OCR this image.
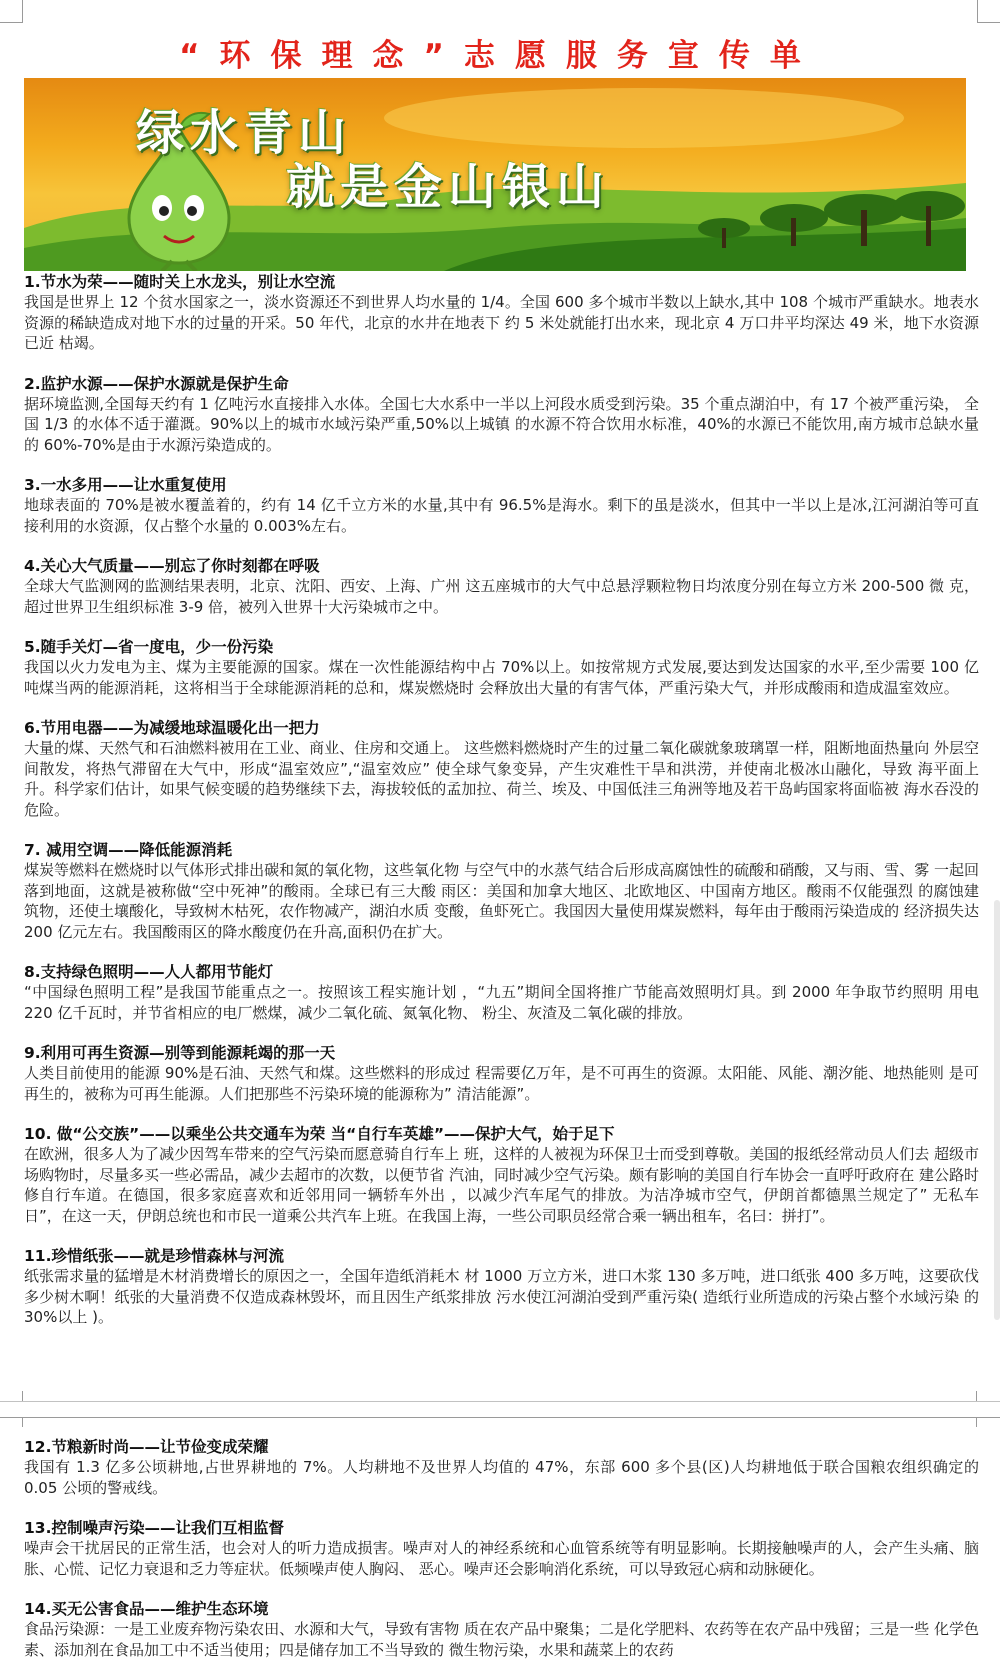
“环保理念”志愿服务宣传单

绿水青山

就是金山银山

1.节水为荣——随时关上水龙头，别让水空流

我国是世界上 12 个贫水国家之一，淡水资源还不到世界人均水量的 1/4。全国 600 多个城市半数以上缺水,其中 108 个城市严重缺水。地表水 资源的稀缺造成对地下水的过量的开采。50 年代，北京的水井在地表下 约 5 米处就能打出水来，现北京 4 万口井平均深达 49 米，地下水资源已近 枯竭。

2.监护水源——保护水源就是保护生命

据环境监测,全国每天约有 1 亿吨污水直接排入水体。全国七大水系中一半以上河段水质受到污染。35 个重点湖泊中，有 17 个被严重污染， 全国 1/3 的水体不适于灌溉。90%以上的城市水域污染严重,50%以上城镇 的水源不符合饮用水标准，40%的水源已不能饮用,南方城市总缺水量的 60%-70%是由于水源污染造成的。

3.一水多用——让水重复使用

地球表面的 70%是被水覆盖着的，约有 14 亿千立方米的水量,其中有 96.5%是海水。剩下的虽是淡水，但其中一半以上是冰,江河湖泊等可直 接利用的水资源，仅占整个水量的 0.003%左右。

4.关心大气质量——别忘了你时刻都在呼吸

全球大气监测网的监测结果表明，北京、沈阳、西安、上海、广州 这五座城市的大气中总悬浮颗粒物日均浓度分别在每立方米 200-500 微 克，超过世界卫生组织标准 3-9 倍，被列入世界十大污染城市之中。

5.随手关灯—省一度电，少一份污染

我国以火力发电为主、煤为主要能源的国家。煤在一次性能源结构中占 70%以上。如按常规方式发展,要达到发达国家的水平,至少需要 100 亿吨煤当两的能源消耗，这将相当于全球能源消耗的总和，煤炭燃烧时 会释放出大量的有害气体，严重污染大气，并形成酸雨和造成温室效应。

6.节用电器——为减缓地球温暖化出一把力

大量的煤、天然气和石油燃料被用在工业、商业、住房和交通上。 这些燃料燃烧时产生的过量二氧化碳就象玻璃罩一样，阻断地面热量向 外层空间散发，将热气滞留在大气中，形成“温室效应”,“温室效应” 使全球气象变异，产生灾难性干旱和洪涝，并使南北极冰山融化，导致 海平面上升。科学家们估计，如果气候变暖的趋势继续下去，海拔较低的孟加拉、荷兰、埃及、中国低洼三角洲等地及若干岛屿国家将面临被 海水吞没的危险。

7. 减用空调——降低能源消耗

煤炭等燃料在燃烧时以气体形式排出碳和氮的氧化物，这些氧化物 与空气中的水蒸气结合后形成高腐蚀性的硫酸和硝酸，又与雨、雪、雾 一起回落到地面，这就是被称做“空中死神”的酸雨。全球已有三大酸 雨区：美国和加拿大地区、北欧地区、中国南方地区。酸雨不仅能强烈 的腐蚀建筑物，还使土壤酸化，导致树木枯死，农作物减产，湖泊水质 变酸，鱼虾死亡。我国因大量使用煤炭燃料，每年由于酸雨污染造成的 经济损失达 200 亿元左右。我国酸雨区的降水酸度仍在升高,面积仍在扩大。

8.支持绿色照明——人人都用节能灯

“中国绿色照明工程”是我国节能重点之一。按照该工程实施计划 ，“九五”期间全国将推广节能高效照明灯具。到 2000 年争取节约照明 用电 220 亿千瓦时，并节省相应的电厂燃煤，减少二氧化硫、氮氧化物、 粉尘、灰渣及二氧化碳的排放。

9.利用可再生资源—别等到能源耗竭的那一天

人类目前使用的能源 90%是石油、天然气和煤。这些燃料的形成过 程需要亿万年，是不可再生的资源。太阳能、风能、潮汐能、地热能则 是可再生的，被称为可再生能源。人们把那些不污染环境的能源称为” 清洁能源”。

10. 做“公交族”——以乘坐公共交通车为荣 当“自行车英雄”——保护大气，始于足下

在欧洲，很多人为了减少因驾车带来的空气污染而愿意骑自行车上 班，这样的人被视为环保卫士而受到尊敬。美国的报纸经常动员人们去 超级市场购物时，尽量多买一些必需品，减少去超市的次数，以便节省 汽油，同时减少空气污染。颇有影响的美国自行车协会一直呼吁政府在 建公路时修自行车道。在德国，很多家庭喜欢和近邻用同一辆轿车外出 ，以减少汽车尾气的排放。为洁净城市空气，伊朗首都德黑兰规定了” 无私车日”，在这一天，伊朗总统也和市民一道乘公共汽车上班。在我国上海，一些公司职员经常合乘一辆出租车，名曰：拼打”。

11.珍惜纸张——就是珍惜森林与河流

纸张需求量的猛增是木材消费增长的原因之一，全国年造纸消耗木 材 1000 万立方米，进口木浆 130 多万吨，进口纸张 400 多万吨，这要砍伐 多少树木啊！纸张的大量消费不仅造成森林毁坏，而且因生产纸浆排放 污水使江河湖泊受到严重污染( 造纸行业所造成的污染占整个水域污染 的 30%以上 )。

12.节粮新时尚——让节俭变成荣耀

我国有 1.3 亿多公顷耕地,占世界耕地的 7%。人均耕地不及世界人均值的 47%，东部 600 多个县(区)人均耕地低于联合国粮农组织确定的 0.05 公顷的警戒线。

13.控制噪声污染——让我们互相监督

噪声会干扰居民的正常生活，也会对人的听力造成损害。噪声对人的神经系统和心血管系统等有明显影响。长期接触噪声的人，会产生头痛、脑胀、心慌、记忆力衰退和乏力等症状。低频噪声使人胸闷、 恶心。噪声还会影响消化系统，可以导致冠心病和动脉硬化。

14.买无公害食品——维护生态环境

食品污染源：一是工业废弃物污染农田、水源和大气，导致有害物 质在农产品中聚集；二是化学肥料、农药等在农产品中残留；三是一些 化学色素、添加剂在食品加工中不适当使用；四是储存加工不当导致的 微生物污染，水果和蔬菜上的农药
